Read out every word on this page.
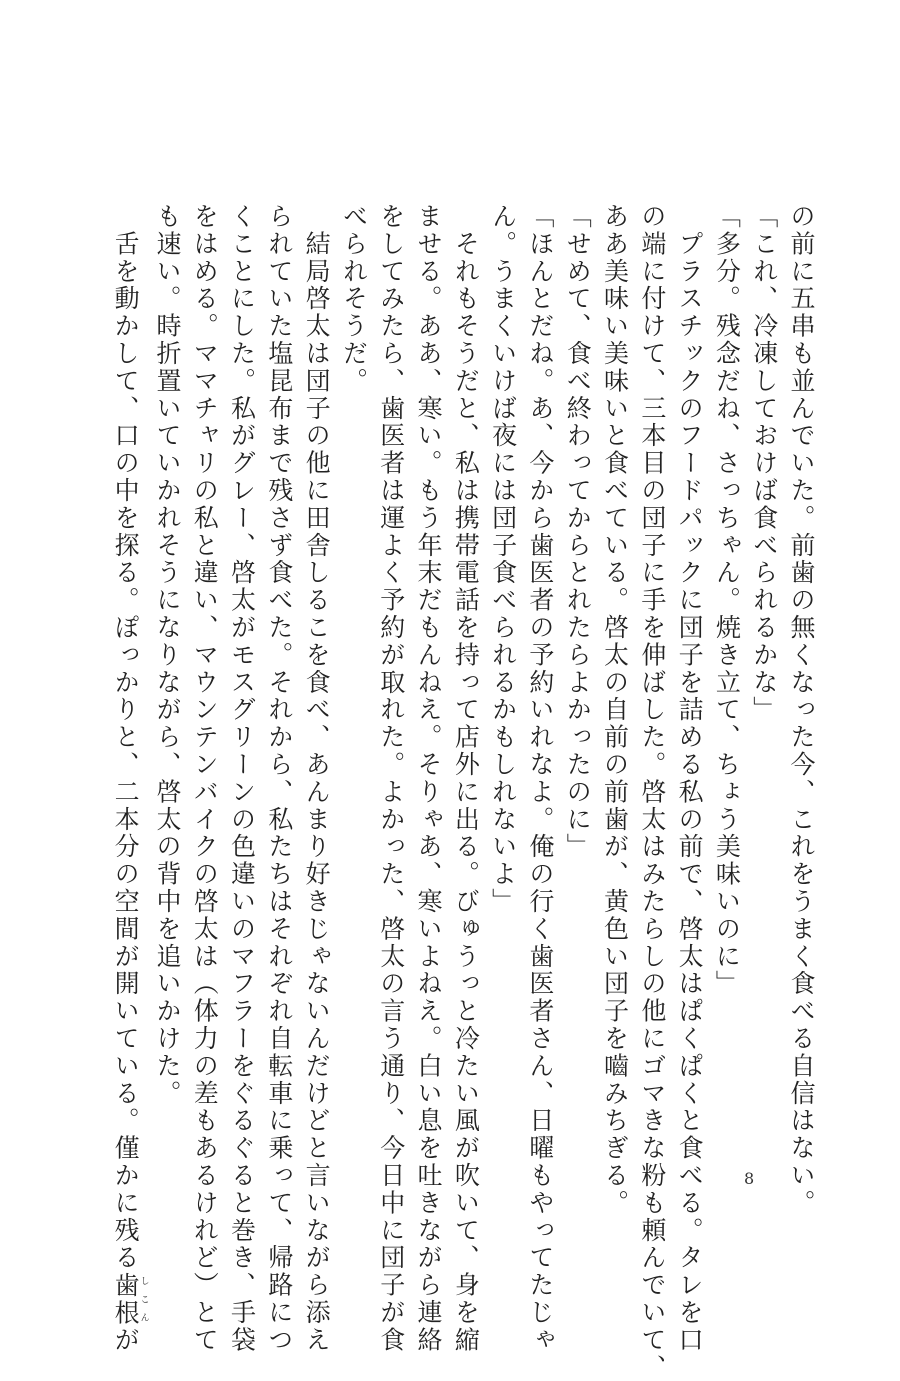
の前に五串も並んでいた。前歯の無くなった今、これをうまく食べる自信はない。
「これ、冷凍しておけば食べられるかな」
「多分。残念だね、さっちゃん。焼き立て、ちょう美味いのに」
　プラスチックのフードパックに団子を詰める私の前で、啓太はぱくぱくと食べる。タレを口
の端に付けて、三本目の団子に手を伸ばした。啓太はみたらしの他にゴマきな粉も頼んでいて、
ああ美味い美味いと食べている。啓太の自前の前歯が、黄色い団子を嚙みちぎる。
「せめて、食べ終わってからとれたらよかったのに」
「ほんとだね。あ、今から歯医者の予約いれなよ。俺の行く歯医者さん、日曜もやってたじゃ
ん。うまくいけば夜には団子食べられるかもしれないよ」
　それもそうだと、私は携帯電話を持って店外に出る。びゅうっと冷たい風が吹いて、身を縮
ませる。ああ、寒い。もう年末だもんねえ。そりゃあ、寒いよねえ。白い息を吐きながら連絡
をしてみたら、歯医者は運よく予約が取れた。よかった、啓太の言う通り、今日中に団子が食
べられそうだ。
　結局啓太は団子の他に田舎しるこを食べ、あんまり好きじゃないんだけどと言いながら添え
られていた塩昆布まで残さず食べた。それから、私たちはそれぞれ自転車に乗って、帰路につ
くことにした。私がグレー、啓太がモスグリーンの色違いのマフラーをぐるぐると巻き、手袋
をはめる。ママチャリの私と違い、マウンテンバイクの啓太は（体力の差もあるけれど）とて
も速い。時折置いていかれそうになりながら、啓太の背中を追いかけた。
　舌を動かして、口の中を探る。ぽっかりと、二本分の空間が開いている。僅かに残る歯根しこんが
8
